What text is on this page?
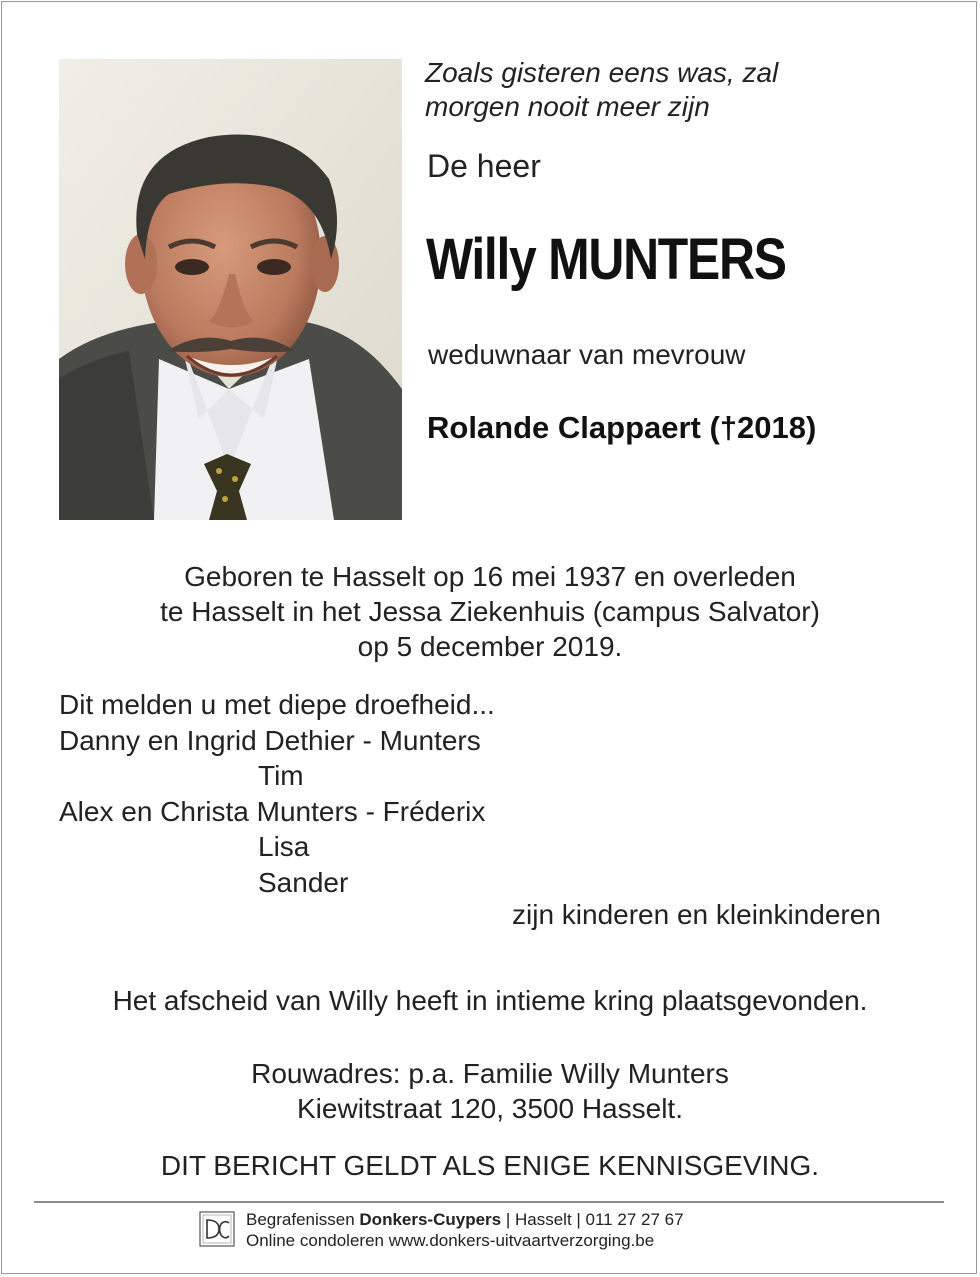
Zoals gisteren eens was, zal
morgen nooit meer zijn

De heer

Willy MUNTERS

weduwnaar van mevrouw

Rolande Clappaert (†2018)

Geboren te Hasselt op 16 mei 1937 en overleden
te Hasselt in het Jessa Ziekenhuis (campus Salvator)
op 5 december 2019.

Dit melden u met diepe droefheid...
Danny en Ingrid Dethier - Munters
Tim
Alex en Christa Munters - Fréderix
Lisa
Sander

zijn kinderen en kleinkinderen

Het afscheid van Willy heeft in intieme kring plaatsgevonden.

Rouwadres: p.a. Familie Willy Munters
Kiewitstraat 120, 3500 Hasselt.

DIT BERICHT GELDT ALS ENIGE KENNISGEVING.

Begrafenissen Donkers-Cuypers | Hasselt | 011 27 27 67
Online condoleren www.donkers-uitvaartverzorging.be
